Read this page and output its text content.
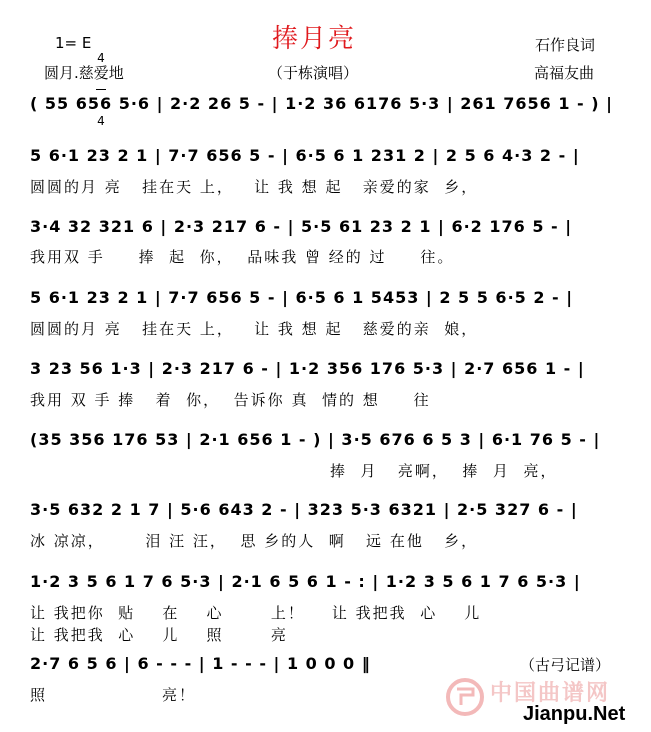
1= E

4

4

捧月亮	石作良词
圆月.慈爱地	（于栋演唱）	高福友曲
( 55 656 5·6 | 2·2 26 5 - | 1·2 36 6176 5·3 | 261 7656 1 - ) |
5 6·1 23 2 1 | 7·7 656 5 - | 6·5 6 1 231 2 | 2 5 6 4·3 2 - |
圆圆的月 亮   挂在天 上，   让 我 想 起   亲爱的家  乡，
3·4 32 321 6 | 2·3 217 6 - | 5·5 61 23 2 1 | 6·2 176 5 - |
我用双 手     捧  起  你，  品味我 曾 经的 过     往。
5 6·1 23 2 1 | 7·7 656 5 - | 6·5 6 1 5453 | 2 5 5 6·5 2 - |
圆圆的月 亮   挂在天 上，   让 我 想 起   慈爱的亲  娘，
3 23 56 1·3 | 2·3 217 6 - | 1·2 356 176 5·3 | 2·7 656 1 - |
我用 双 手 捧   着  你，  告诉你 真  情的 想     往
(35 356 176 53 | 2·1 656 1 - ) | 3·5 676 6 5 3 | 6·1 76 5 - |
捧  月   亮啊，  捧  月  亮，
3·5 632 2 1 7 | 5·6 643 2 - | 323 5·3 6321 | 2·5 327 6 - |
冰 凉凉，      泪 汪 汪，  思 乡的人  啊   远 在他   乡，
1·2 3 5 6 1 7 6 5·3 | 2·1 6 5 6 1 - : | 1·2 3 5 6 1 7 6 5·3 |
让 我把你  贴    在    心       上！    让 我把我  心    儿
让 我把我  心    儿    照       亮
2·7 6 5 6 | 6 - - - | 1 - - - | 1 0 0 0 ‖
照                 亮！
（古弓记谱）
中国曲谱网
Jianpu.Net
